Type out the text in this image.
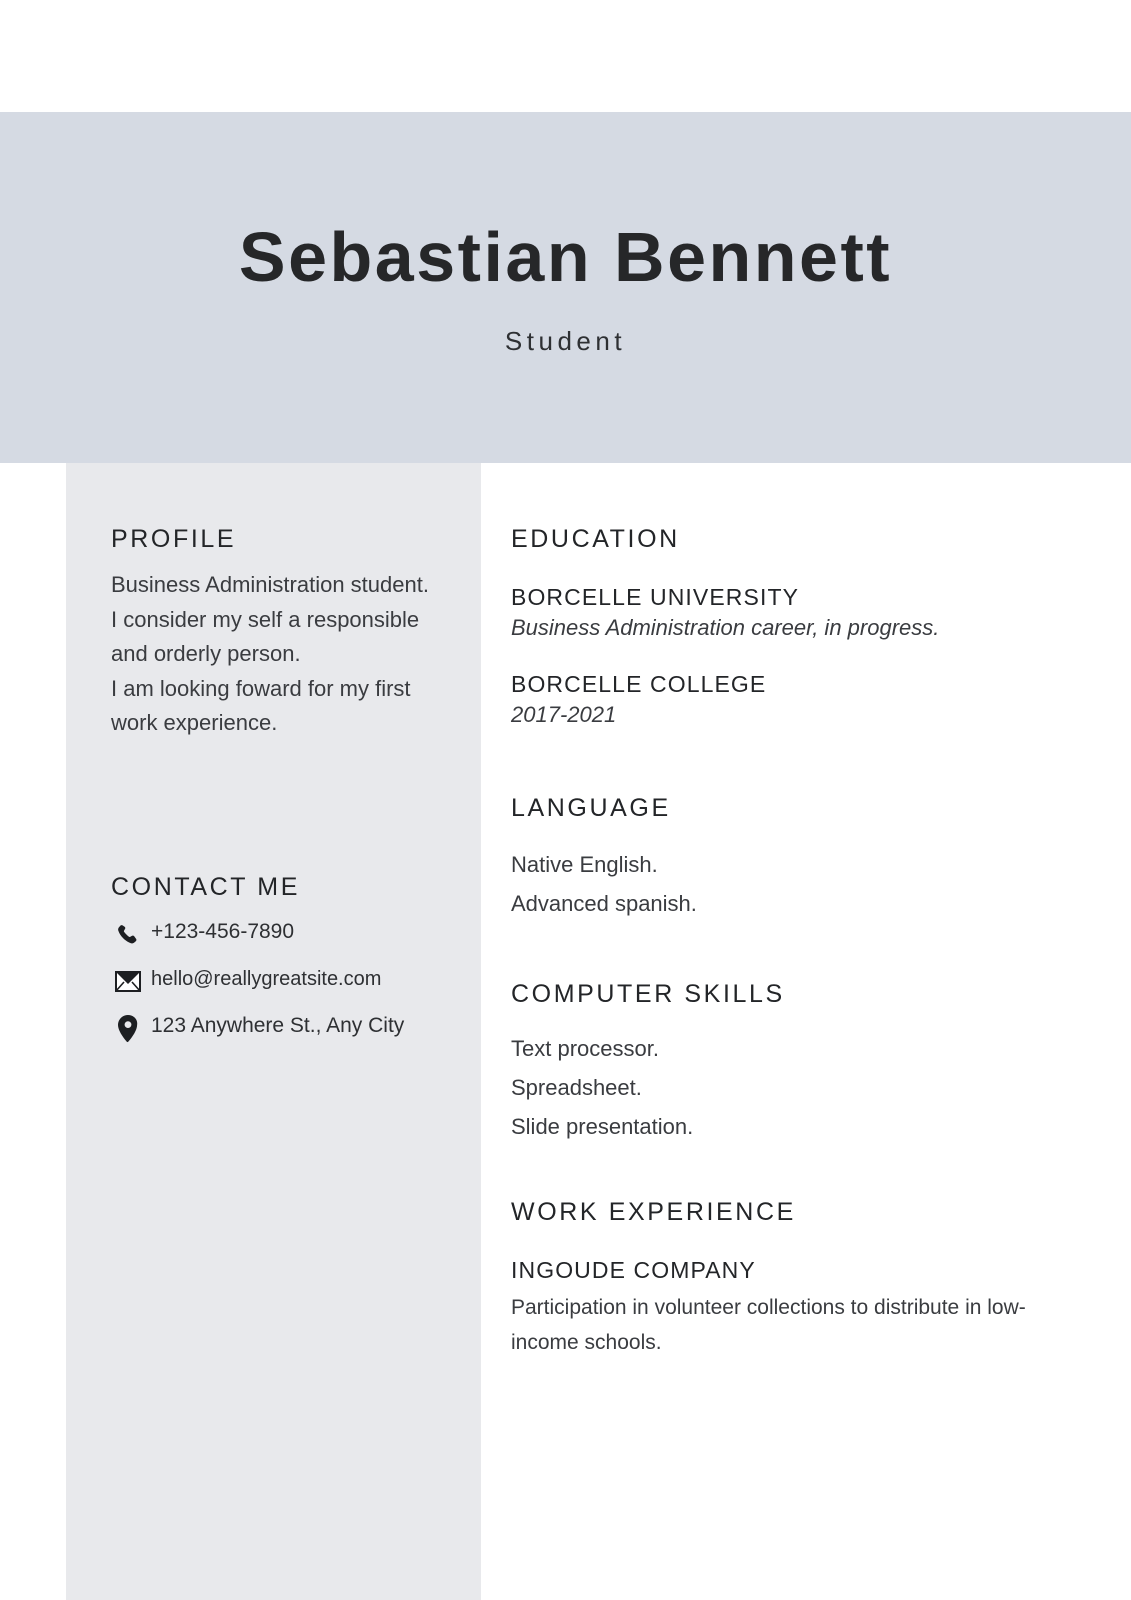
Sebastian Bennett
Student
PROFILE
Business Administration student.
I consider my self a responsible and orderly person.
I am looking foward for my first work experience.
CONTACT ME
+123-456-7890
hello@reallygreatsite.com
123 Anywhere St., Any City
EDUCATION
BORCELLE UNIVERSITY
Business Administration career, in progress.
BORCELLE COLLEGE
2017-2021
LANGUAGE
Native English.
Advanced spanish.
COMPUTER SKILLS
Text processor.
Spreadsheet.
Slide presentation.
WORK EXPERIENCE
INGOUDE COMPANY
Participation in volunteer collections to distribute in low-income schools.
